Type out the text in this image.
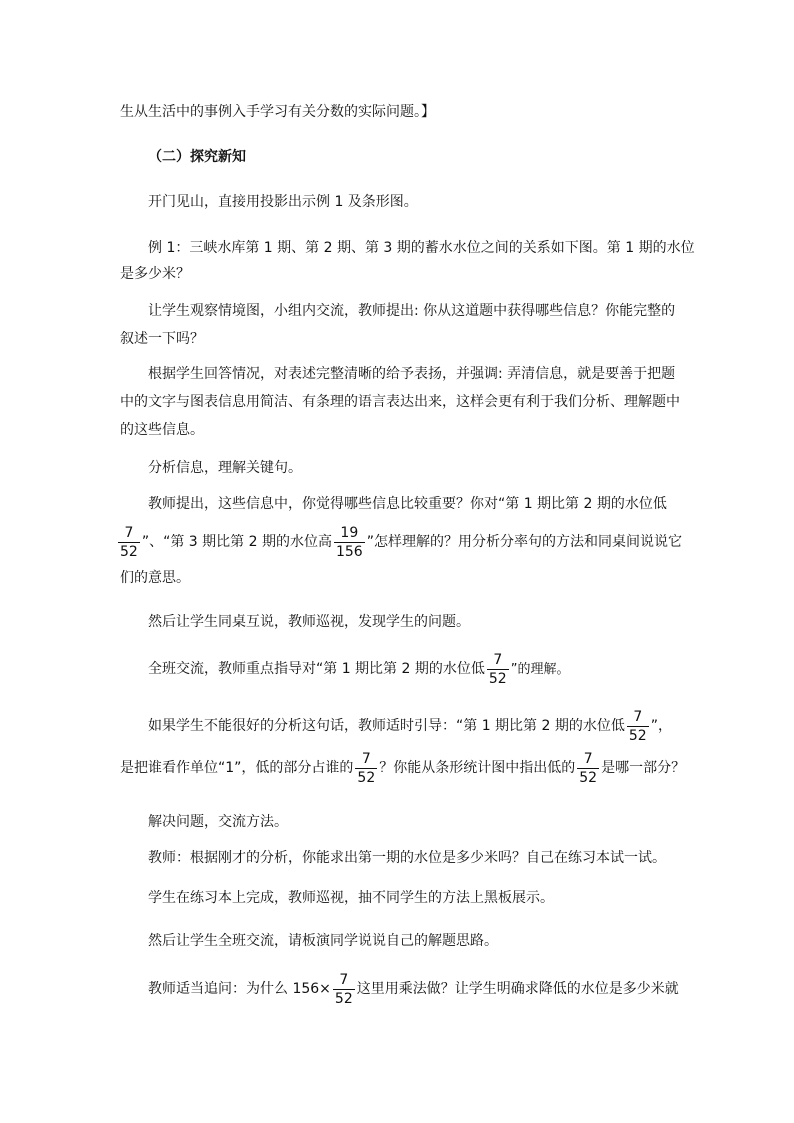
生从生活中的事例入手学习有关分数的实际问题。】
（二）探究新知
开门见山，直接用投影出示例 1 及条形图。
例 1：三峡水库第 1 期、第 2 期、第 3 期的蓄水水位之间的关系如下图。第 1 期的水位
是多少米？
让学生观察情境图，小组内交流，教师提出: 你从这道题中获得哪些信息？你能完整的
叙述一下吗？
根据学生回答情况，对表述完整清晰的给予表扬，并强调: 弄清信息，就是要善于把题
中的文字与图表信息用简洁、有条理的语言表达出来，这样会更有利于我们分析、理解题中
的这些信息。
分析信息，理解关键句。
教师提出，这些信息中，你觉得哪些信息比较重要？你对“第 1 期比第 2 期的水位低
$\frac{7}{52}$ ”、“第 3 期比第 2 期的水位高 $\frac{19}{156}$ ”怎样理解的？用分析分率句的方法和同桌间说说它
们的意思。
然后让学生同桌互说，教师巡视，发现学生的问题。
全班交流，教师重点指导对“第 1 期比第 2 期的水位低 $\frac{7}{52}$ ”的理解。
如果学生不能很好的分析这句话，教师适时引导：“第 1 期比第 2 期的水位低 $\frac{7}{52}$ ”，
是把谁看作单位“1”，低的部分占谁的 $\frac{7}{52}$ ？你能从条形统计图中指出低的 $\frac{7}{52}$ 是哪一部分？
解决问题，交流方法。
教师：根据刚才的分析，你能求出第一期的水位是多少米吗？自己在练习本试一试。
学生在练习本上完成，教师巡视，抽不同学生的方法上黑板展示。
然后让学生全班交流，请板演同学说说自己的解题思路。
教师适当追问：为什么 $156\times \frac{7}{52}$ 这里用乘法做？让学生明确求降低的水位是多少米就
